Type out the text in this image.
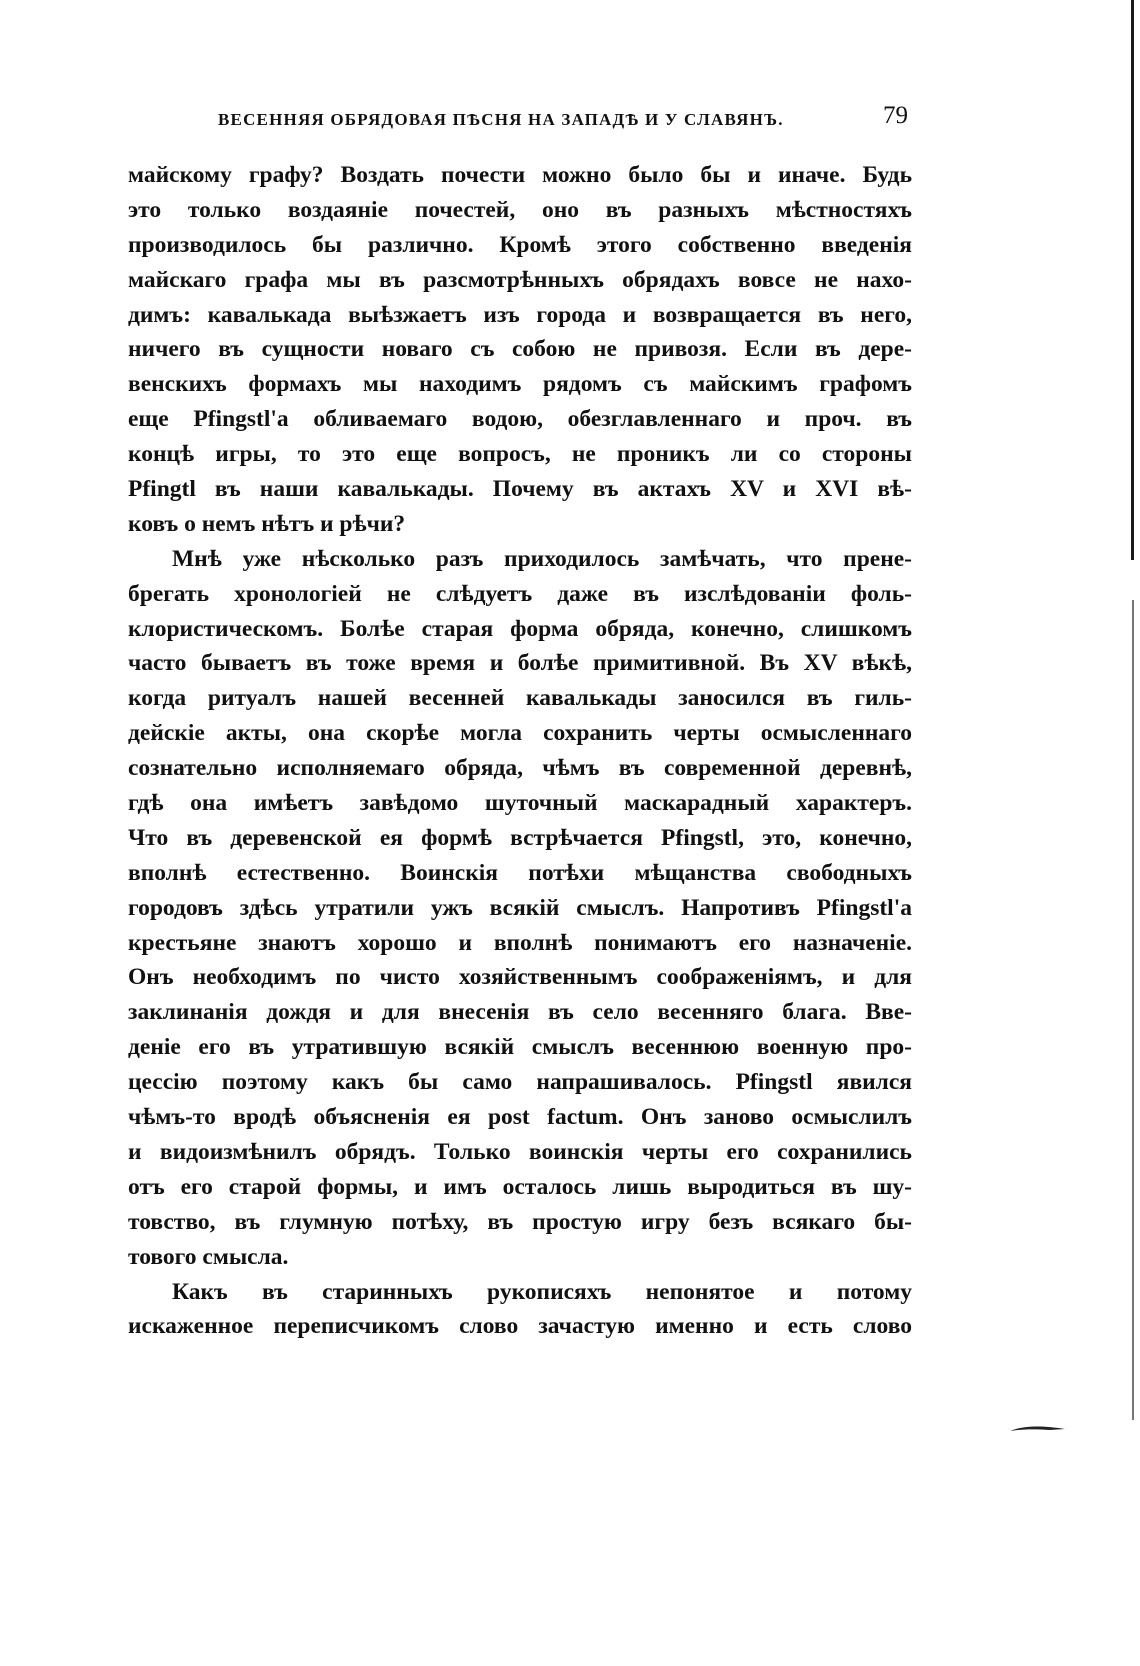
ВЕСЕННЯЯ ОБРЯДОВАЯ ПѢСНЯ НА ЗАПАДѢ И У СЛАВЯНЪ.	79

майскому графу? Воздать почести можно было бы и иначе. Будь
это только воздаяніе почестей, оно въ разныхъ мѣстностяхъ
производилось бы различно. Кромѣ этого собственно введенія
майскаго графа мы въ разсмотрѣнныхъ обрядахъ вовсе не нахо-
димъ: кавалькада выѣзжаетъ изъ города и возвращается въ него,
ничего въ сущности новаго съ собою не привозя. Если въ дере-
венскихъ формахъ мы находимъ рядомъ съ майскимъ графомъ
еще Pfingstl'а обливаемаго водою, обезглавленнаго и проч. въ
концѣ игры, то это еще вопросъ, не проникъ ли со стороны
Pfingtl въ наши кавалькады. Почему въ актахъ XV и XVI вѣ-
ковъ о немъ нѣтъ и рѣчи?

Мнѣ уже нѣсколько разъ приходилось замѣчать, что прене-
брегать хронологіей не слѣдуетъ даже въ изслѣдованіи фоль-
клористическомъ. Болѣе старая форма обряда, конечно, слишкомъ
часто бываетъ въ тоже время и болѣе примитивной. Въ XV вѣкѣ,
когда ритуалъ нашей весенней кавалькады заносился въ гиль-
дейскіе акты, она скорѣе могла сохранить черты осмысленнаго
сознательно исполняемаго обряда, чѣмъ въ современной деревнѣ,
гдѣ она имѣетъ завѣдомо шуточный маскарадный характеръ.
Что въ деревенской ея формѣ встрѣчается Pfingstl, это, конечно,
вполнѣ естественно. Воинскія потѣхи мѣщанства свободныхъ
городовъ здѣсь утратили ужъ всякій смыслъ. Напротивъ Pfingstl'а
крестьяне знаютъ хорошо и вполнѣ понимаютъ его назначеніе.
Онъ необходимъ по чисто хозяйственнымъ соображеніямъ, и для
заклинанія дождя и для внесенія въ село весенняго блага. Вве-
деніе его въ утратившую всякій смыслъ весеннюю военную про-
цессію поэтому какъ бы само напрашивалось. Pfingstl явился
чѣмъ-то вродѣ объясненія ея post factum. Онъ заново осмыслилъ
и видоизмѣнилъ обрядъ. Только воинскія черты его сохранились
отъ его старой формы, и имъ осталось лишь выродиться въ шу-
товство, въ глумную потѣху, въ простую игру безъ всякаго бы-
тового смысла.

Какъ въ старинныхъ рукописяхъ непонятое и потому
искаженное переписчикомъ слово зачастую именно и есть слово
